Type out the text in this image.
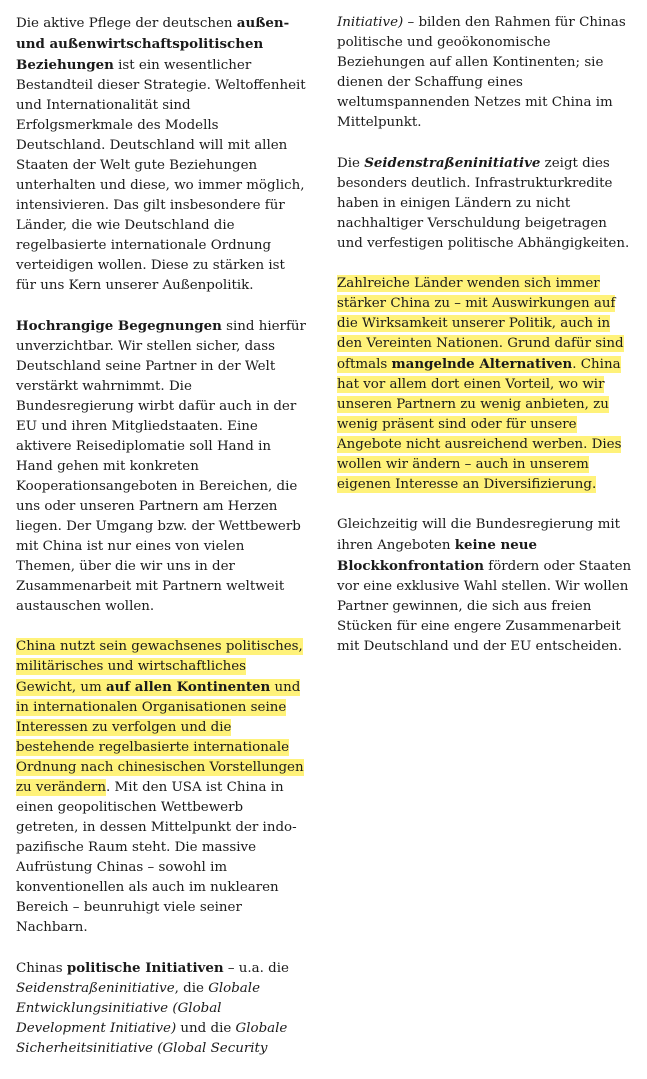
Die aktive Pflege der deutschen außen- und außenwirtschaftspolitischen Beziehungen ist ein wesentlicher Bestandteil dieser Strategie. Weltoffenheit und Internationalität sind Erfolgsmerkmale des Modells Deutschland. Deutschland will mit allen Staaten der Welt gute Beziehungen unterhalten und diese, wo immer möglich, intensivieren. Das gilt insbesondere für Länder, die wie Deutschland die regelbasierte internationale Ordnung verteidigen wollen. Diese zu stärken ist für uns Kern unserer Außenpolitik.

Hochrangige Begegnungen sind hierfür unverzichtbar. Wir stellen sicher, dass Deutschland seine Partner in der Welt verstärkt wahrnimmt. Die Bundesregierung wirbt dafür auch in der EU und ihren Mitgliedstaaten. Eine aktivere Reisediplomatie soll Hand in Hand gehen mit konkreten Kooperationsangeboten in Bereichen, die uns oder unseren Partnern am Herzen liegen. Der Umgang bzw. der Wettbewerb mit China ist nur eines von vielen Themen, über die wir uns in der Zusammenarbeit mit Partnern weltweit austauschen wollen.

China nutzt sein gewachsenes politisches, militärisches und wirtschaftliches Gewicht, um auf allen Kontinenten und in internationalen Organisationen seine Interessen zu verfolgen und die bestehende regelbasierte internationale Ordnung nach chinesischen Vorstellungen zu verändern. Mit den USA ist China in einen geopolitischen Wettbewerb getreten, in dessen Mittelpunkt der indo-pazifische Raum steht. Die massive Aufrüstung Chinas – sowohl im konventionellen als auch im nuklearen Bereich – beunruhigt viele seiner Nachbarn.

Chinas politische Initiativen – u.a. die Seidenstraßeninitiative, die Globale Entwicklungsinitiative (Global Development Initiative) und die Globale Sicherheitsinitiative (Global Security

Initiative) – bilden den Rahmen für Chinas politische und geoökonomische Beziehungen auf allen Kontinenten; sie dienen der Schaffung eines weltumspannenden Netzes mit China im Mittelpunkt.

Die Seidenstraßeninitiative zeigt dies besonders deutlich. Infrastrukturkredite haben in einigen Ländern zu nicht nachhaltiger Verschuldung beigetragen und verfestigen politische Abhängigkeiten.

Zahlreiche Länder wenden sich immer stärker China zu – mit Auswirkungen auf die Wirksamkeit unserer Politik, auch in den Vereinten Nationen. Grund dafür sind oftmals mangelnde Alternativen. China hat vor allem dort einen Vorteil, wo wir unseren Partnern zu wenig anbieten, zu wenig präsent sind oder für unsere Angebote nicht ausreichend werben. Dies wollen wir ändern – auch in unserem eigenen Interesse an Diversifizierung.

Gleichzeitig will die Bundesregierung mit ihren Angeboten keine neue Blockkonfrontation fördern oder Staaten vor eine exklusive Wahl stellen. Wir wollen Partner gewinnen, die sich aus freien Stücken für eine engere Zusammenarbeit mit Deutschland und der EU entscheiden.
